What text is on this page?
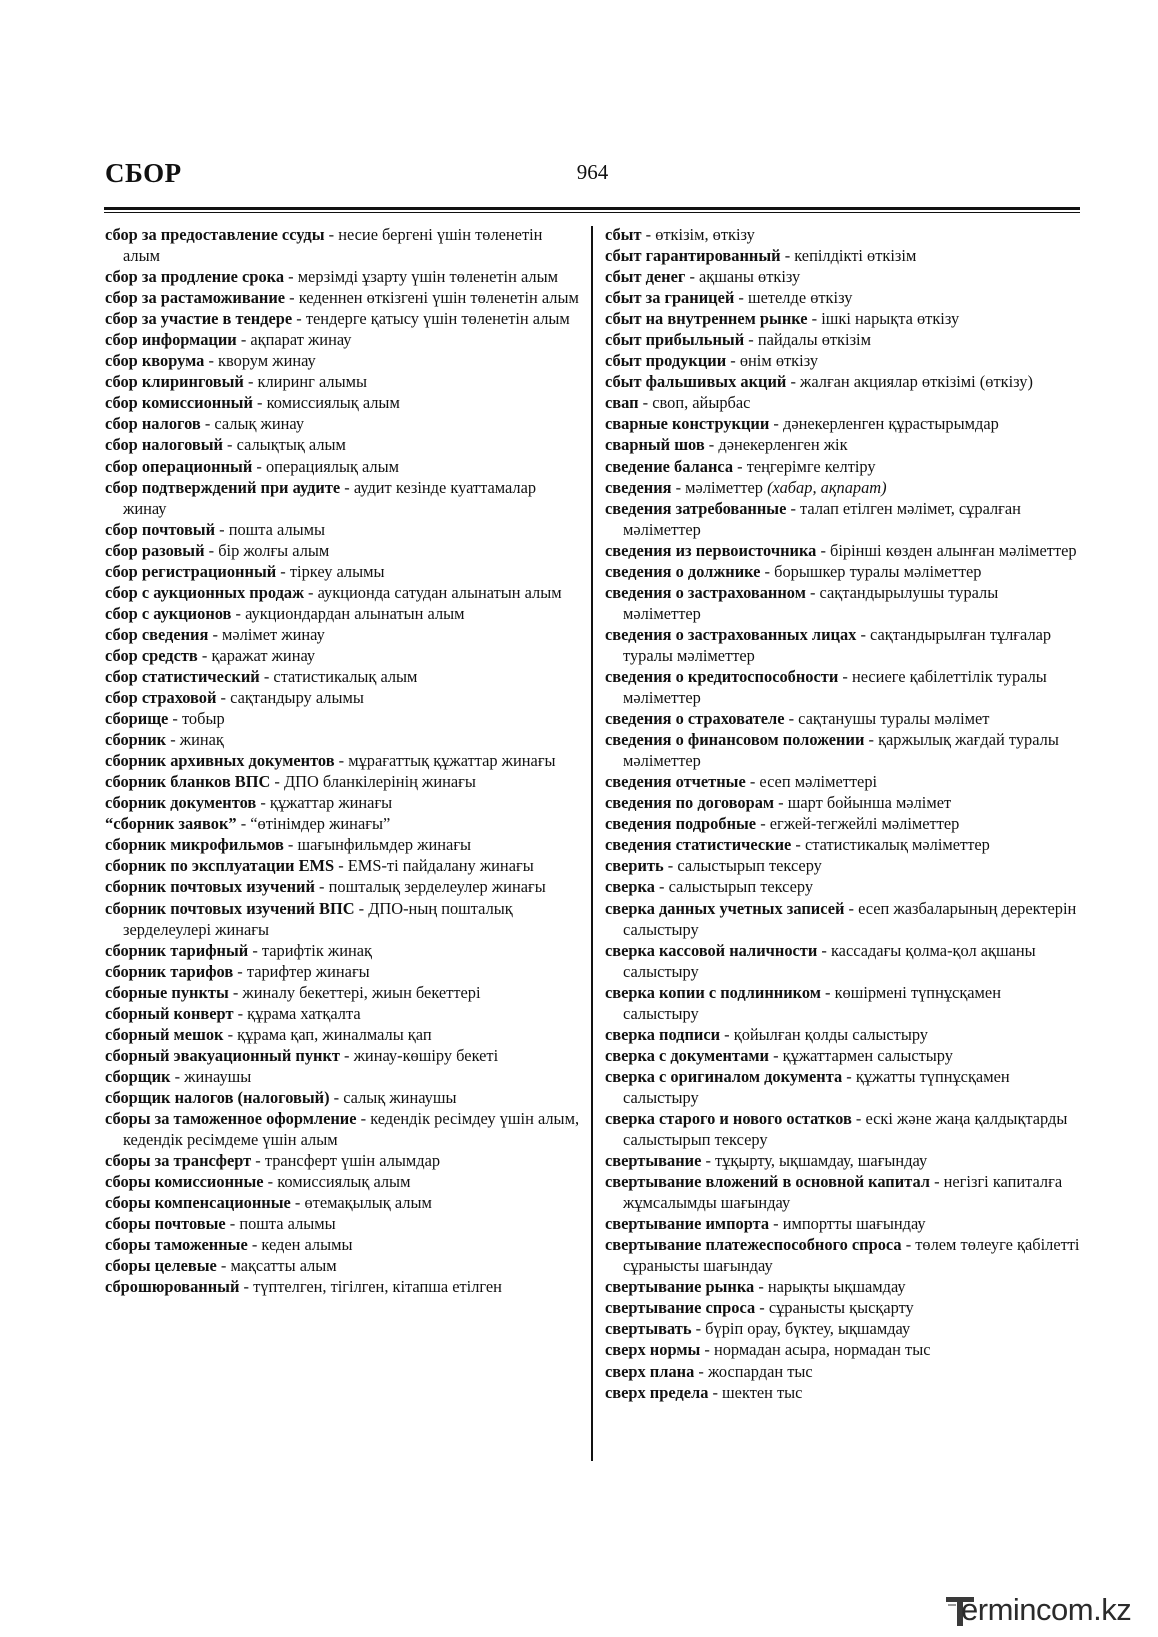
СБОР	964
сбор за предоставление ссуды - несие бергені үшін төленетін алым
сбор за продление срока - мерзімді ұзарту үшін төленетін алым
сбор за растаможивание - кеденнен өткізгені үшін төленетін алым
сбор за участие в тендере - тендерге қатысу үшін төленетін алым
сбор информации - ақпарат жинау
сбор кворума - кворум жинау
сбор клиринговый - клиринг алымы
сбор комиссионный - комиссиялық алым
сбор налогов - салық жинау
сбор налоговый - салықтық алым
сбор операционный - операциялық алым
сбор подтверждений при аудите - аудит кезінде куаттамалар жинау
сбор почтовый - пошта алымы
сбор разовый - бір жолғы алым
сбор регистрационный - тіркеу алымы
сбор с аукционных продаж - аукционда сатудан алынатын алым
сбор с аукционов - аукциондардан алынатын алым
сбор сведения - мәлімет жинау
сбор средств - қаражат жинау
сбор статистический - статистикалық алым
сбор страховой - сақтандыру алымы
сборище - тобыр
сборник - жинақ
сборник архивных документов - мұрағаттық құжаттар жинағы
сборник бланков ВПС - ДПО бланкілерінің жинағы
сборник документов - құжаттар жинағы
“сборник заявок” - “өтінімдер жинағы”
сборник микрофильмов - шағынфильмдер жинағы
сборник по эксплуатации EMS - EMS-ті пайдалану жинағы
сборник почтовых изучений - пошталық зерделеулер жинағы
сборник почтовых изучений ВПС - ДПО-ның пошталық зерделеулері жинағы
сборник тарифный - тарифтік жинақ
сборник тарифов - тарифтер жинағы
сборные пункты - жиналу бекеттері, жиын бекеттері
сборный конверт - құрама хатқалта
сборный мешок - құрама қап, жиналмалы қап
сборный эвакуационный пункт - жинау-көшіру бекеті
сборщик - жинаушы
сборщик налогов (налоговый) - салық жинаушы
сборы за таможенное оформление - кедендік ресімдеу үшін алым, кедендік ресімдеме үшін алым
сборы за трансферт - трансферт үшін алымдар
сборы комиссионные - комиссиялық алым
сборы компенсационные - өтемақылық алым
сборы почтовые - пошта алымы
сборы таможенные - кеден алымы
сборы целевые - мақсатты алым
сброшюрованный - түптелген, тігілген, кітапша етілген
сбыт - өткізім, өткізу
сбыт гарантированный - кепілдікті өткізім
сбыт денег - ақшаны өткізу
сбыт за границей - шетелде өткізу
сбыт на внутреннем рынке - ішкі нарықта өткізу
сбыт прибыльный - пайдалы өткізім
сбыт продукции - өнім өткізу
сбыт фальшивых акций - жалған акциялар өткізімі (өткізу)
свап - своп, айырбас
сварные конструкции - дәнекерленген құрастырымдар
сварный шов - дәнекерленген жік
сведение баланса - теңгерімге келтіру
сведения - мәліметтер (хабар, ақпарат)
сведения затребованные - талап етілген мәлімет, сұралған мәліметтер
сведения из первоисточника - бірінші көзден алынған мәліметтер
сведения о должнике - борышкер туралы мәліметтер
сведения о застрахованном - сақтандырылушы туралы мәліметтер
сведения о застрахованных лицах - сақтандырылған тұлғалар туралы мәліметтер
сведения о кредитоспособности - несиеге қабілеттілік туралы мәліметтер
сведения о страхователе - сақтанушы туралы мәлімет
сведения о финансовом положении - қаржылық жағдай туралы мәліметтер
сведения отчетные - есеп мәліметтері
сведения по договорам - шарт бойынша мәлімет
сведения подробные - егжей-тегжейлі мәліметтер
сведения статистические - статистикалық мәліметтер
сверить - салыстырып тексеру
сверка - салыстырып тексеру
сверка данных учетных записей - есеп жазбаларының деректерін салыстыру
сверка кассовой наличности - кассадағы қолма-қол ақшаны салыстыру
сверка копии с подлинником - көшірмені түпнұсқамен салыстыру
сверка подписи - қойылған қолды салыстыру
сверка с документами - құжаттармен салыстыру
сверка с оригиналом документа - құжатты түпнұсқамен салыстыру
сверка старого и нового остатков - ескі және жаңа қалдықтарды салыстырып тексеру
свертывание - тұқырту, ықшамдау, шағындау
свертывание вложений в основной капитал - негізгі капиталға жұмсалымды шағындау
свертывание импорта - импортты шағындау
свертывание платежеспособного спроса - төлем төлеуге қабілетті сұранысты шағындау
свертывание рынка - нарықты ықшамдау
свертывание спроса - сұранысты қысқарту
свертывать - бүріп орау, бүктеу, ықшамдау
сверх нормы - нормадан асыра, нормадан тыс
сверх плана - жоспардан тыс
сверх предела - шектен тыс
ermincom.kz
